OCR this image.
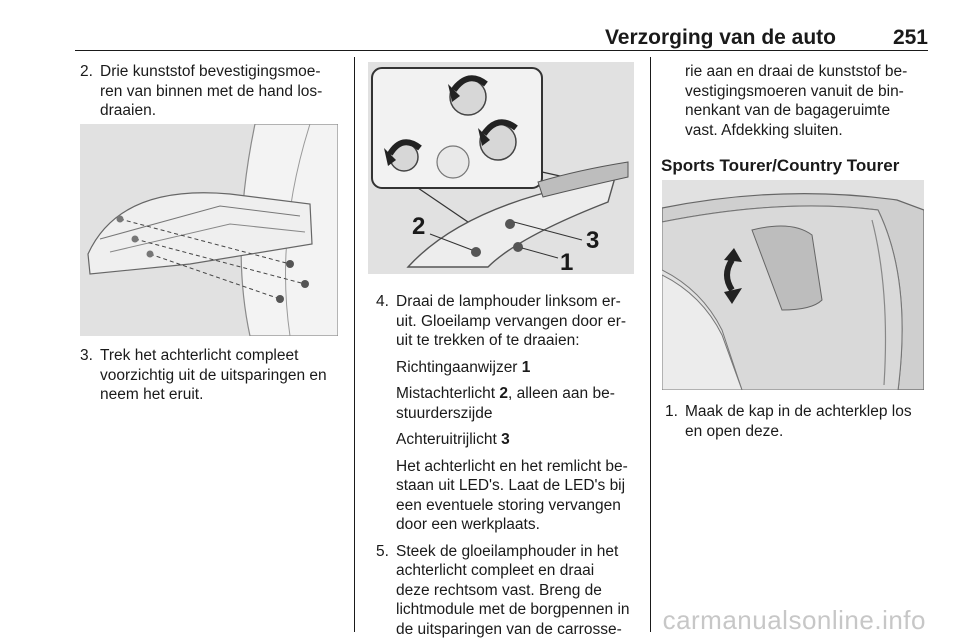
Verzorging van de auto	251
2. Drie kunststof bevestigingsmoe-
ren van binnen met de hand los-
draaien.
3. Trek het achterlicht compleet
voorzichtig uit de uitsparingen en
neem het eruit.
2
3
1
4. Draai de lamphouder linksom er-
uit. Gloeilamp vervangen door er-
uit te trekken of te draaien:
Richtingaanwijzer 1
Mistachterlicht 2, alleen aan be-
stuurderszijde
Achteruitrijlicht 3
Het achterlicht en het remlicht be-
staan uit LED's. Laat de LED's bij
een eventuele storing vervangen
door een werkplaats.
5. Steek de gloeilamphouder in het
achterlicht compleet en draai
deze rechtsom vast. Breng de
lichtmodule met de borgpennen in
de uitsparingen van de carrosse-
rie aan en draai de kunststof be-
vestigingsmoeren vanuit de bin-
nenkant van de bagageruimte
vast. Afdekking sluiten.
Sports Tourer/Country Tourer
1. Maak de kap in de achterklep los
en open deze.
carmanualsonline.info
